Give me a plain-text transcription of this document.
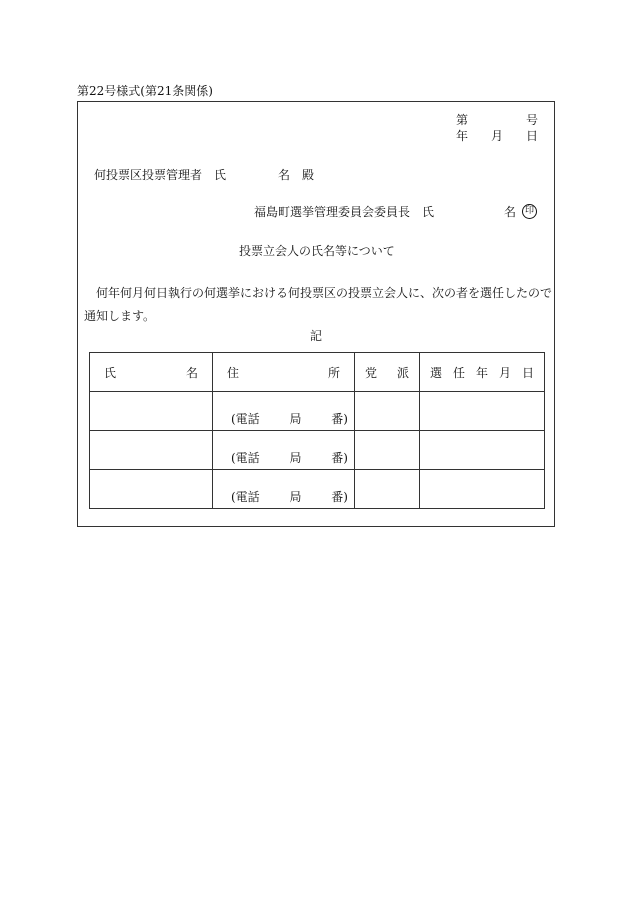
第22号様式(第21条関係)
第	号
年 月 日
何投票区投票管理者　氏	名　殿
福島町選挙管理委員会委員長　氏	名 印
投票立会人の氏名等について
何年何月何日執行の何選挙における何投票区の投票立会人に、次の者を選任したので通知します。
記
氏 名	住 所	党 派	選 任 年 月 日

	(電話 局 番)		

	(電話 局 番)		

	(電話 局 番)		
